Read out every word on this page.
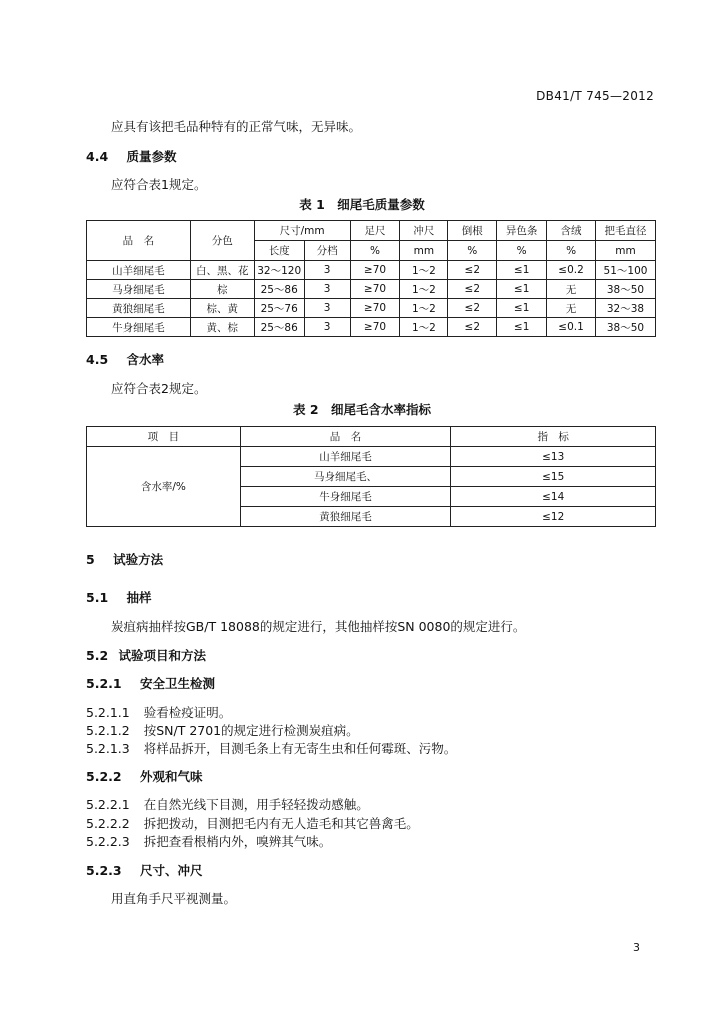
DB41/T 745—2012
应具有该把毛品种特有的正常气味，无异味。
4.4 质量参数
应符合表1规定。
表 1　细尾毛质量参数
品　名	分色	尺寸/mm		足尺	冲尺	倒根	异色条	含绒	把毛直径
		长度	分档	%	mm	%	%	%	mm
山羊细尾毛	白、黑、花	32～120	3	≥70	1～2	≤2	≤1	≤0.2	51～100
马身细尾毛	棕	25～86	3	≥70	1～2	≤2	≤1	无	38～50
黄狼细尾毛	棕、黄	25～76	3	≥70	1～2	≤2	≤1	无	32～38
牛身细尾毛	黄、棕	25～86	3	≥70	1～2	≤2	≤1	≤0.1	38～50
4.5 含水率
应符合表2规定。
表 2　细尾毛含水率指标
项　目	品　名	指　标
含水率/%	山羊细尾毛	≤13
	马身细尾毛、	≤15
	牛身细尾毛	≤14
	黄狼细尾毛	≤12
5 试验方法
5.1 抽样
炭疽病抽样按GB/T 18088的规定进行，其他抽样按SN 0080的规定进行。
5.2 试验项目和方法
5.2.1 安全卫生检测
5.2.1.1 验看检疫证明。
5.2.1.2 按SN/T 2701的规定进行检测炭疽病。
5.2.1.3 将样品拆开，目测毛条上有无寄生虫和任何霉斑、污物。
5.2.2 外观和气味
5.2.2.1 在自然光线下目测，用手轻轻拨动感触。
5.2.2.2 拆把拨动，目测把毛内有无人造毛和其它兽禽毛。
5.2.2.3 拆把查看根梢内外，嗅辨其气味。
5.2.3 尺寸、冲尺
用直角手尺平视测量。
3
